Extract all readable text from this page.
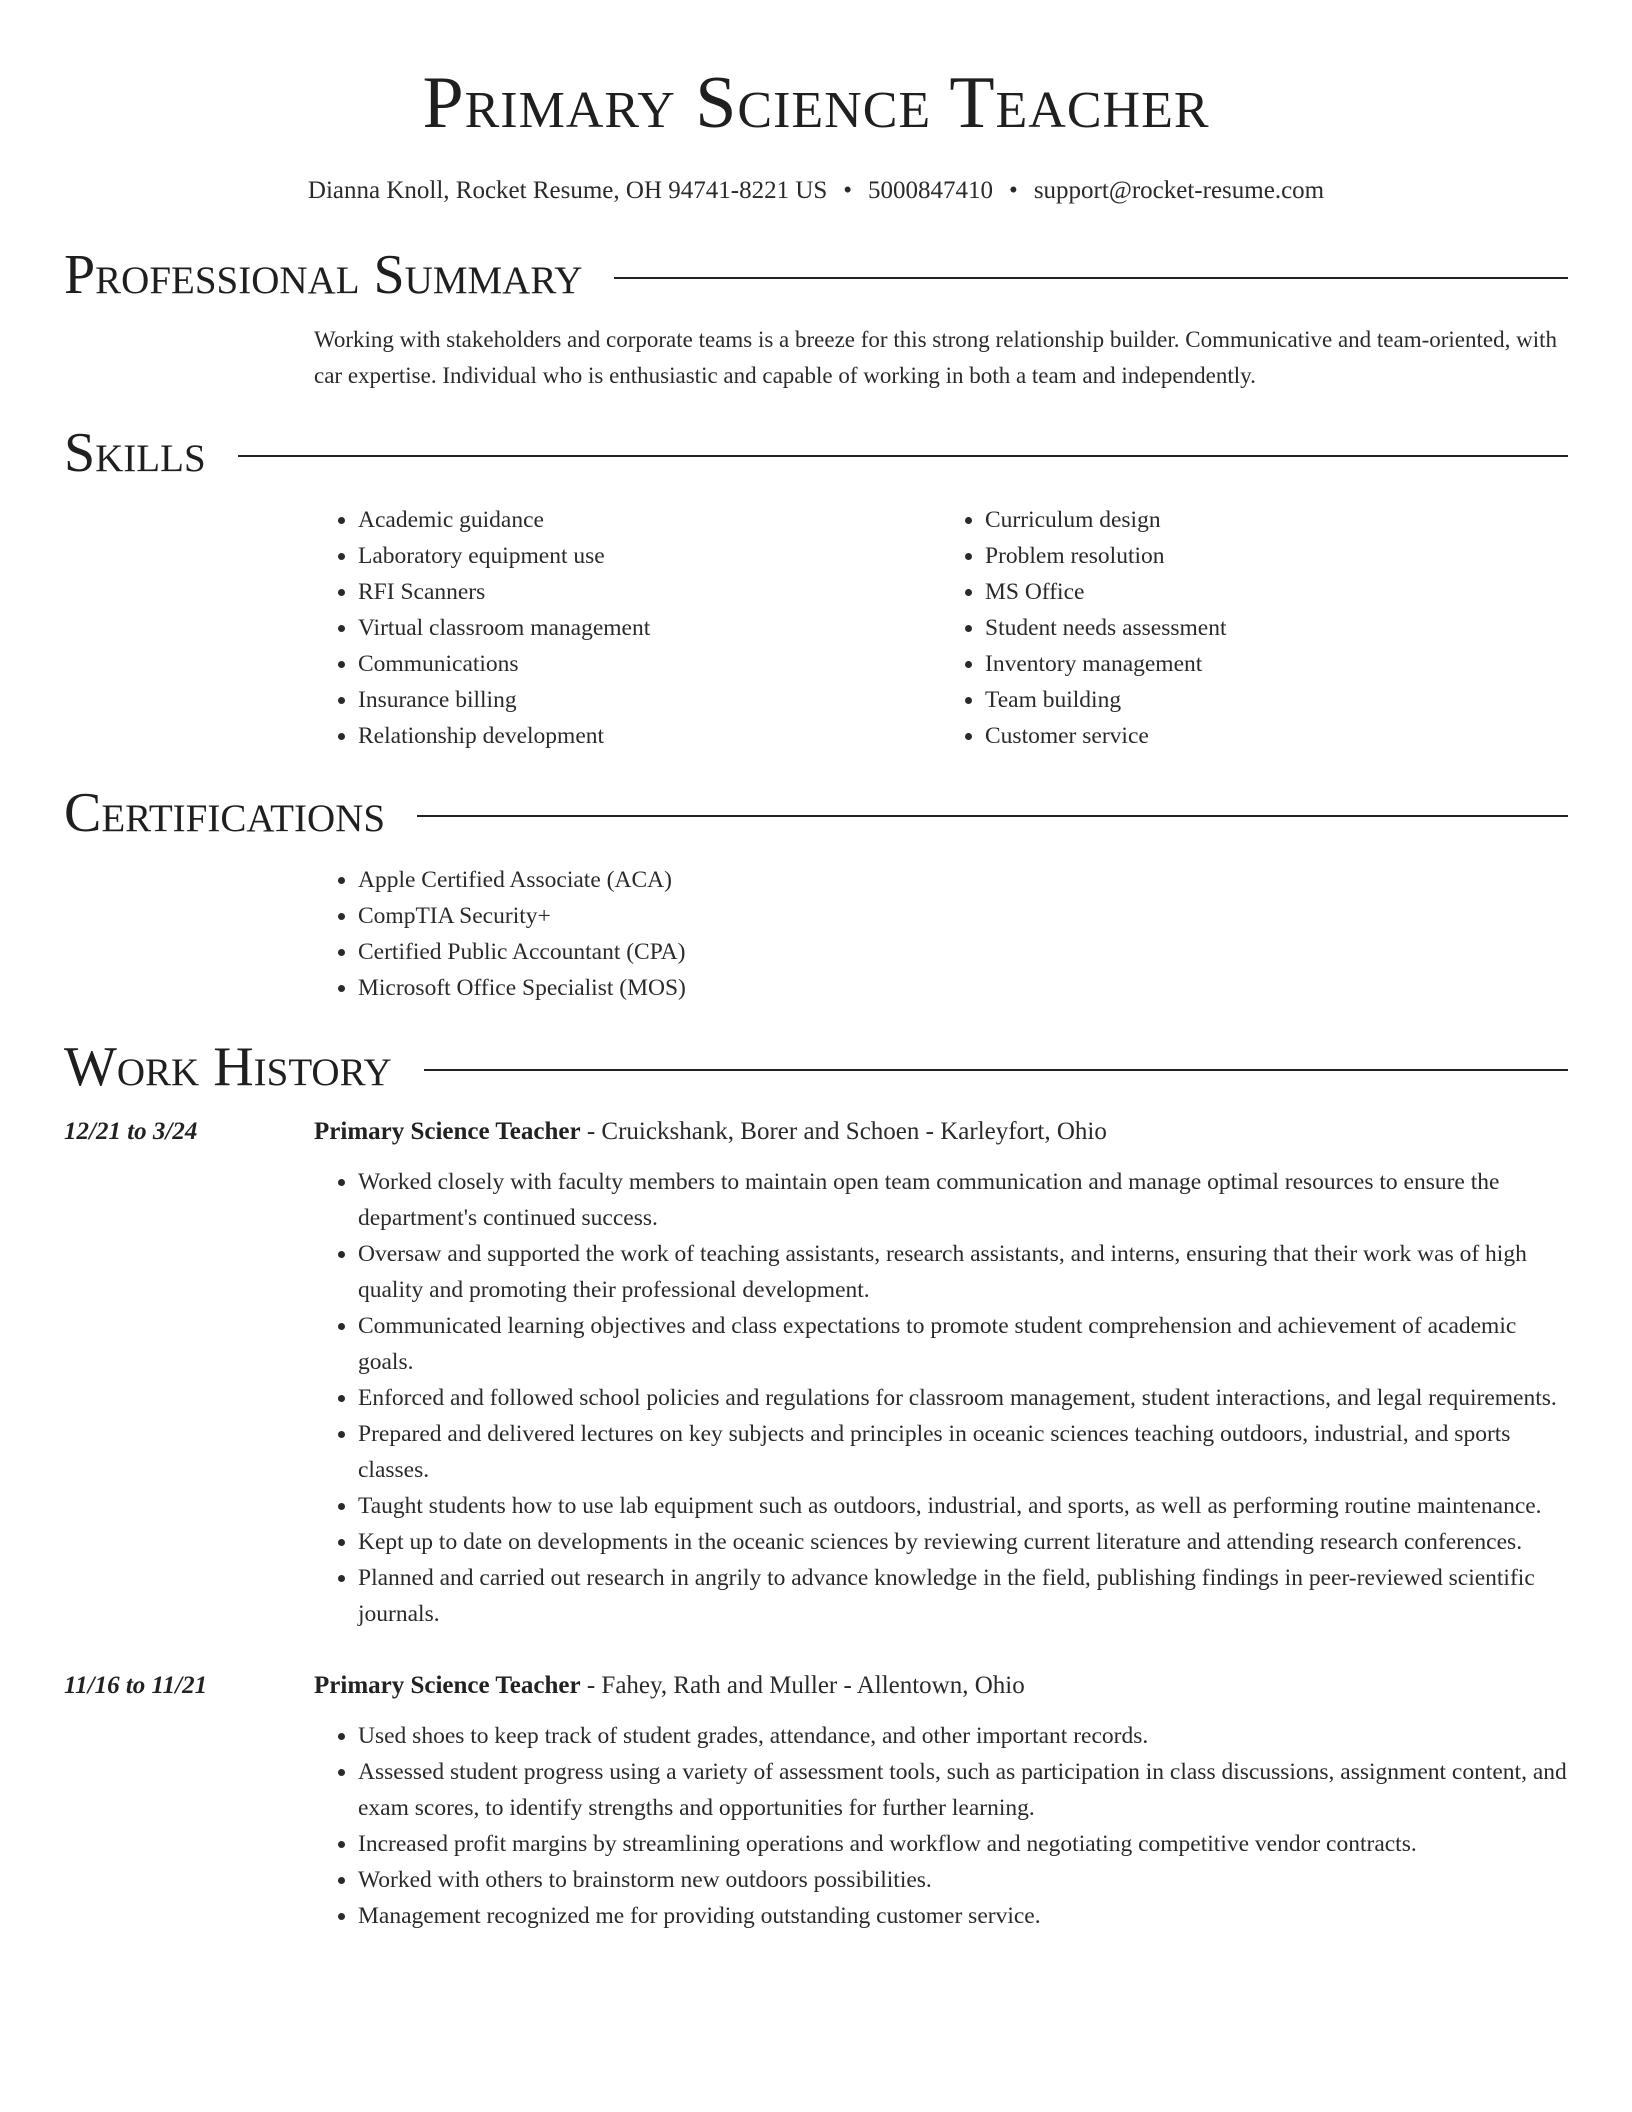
Primary Science Teacher
Dianna Knoll, Rocket Resume, OH 94741-8221 US • 5000847410 • support@rocket-resume.com
Professional Summary

Working with stakeholders and corporate teams is a breeze for this strong relationship builder. Communicative and team-oriented, with car expertise. Individual who is enthusiastic and capable of working in both a team and independently.

Skills
• Academic guidance
• Laboratory equipment use
• RFI Scanners
• Virtual classroom management
• Communications
• Insurance billing
• Relationship development
• Curriculum design
• Problem resolution
• MS Office
• Student needs assessment
• Inventory management
• Team building
• Customer service
Certifications
• Apple Certified Associate (ACA)
• CompTIA Security+
• Certified Public Accountant (CPA)
• Microsoft Office Specialist (MOS)
Work History
12/21 to 3/24	Primary Science Teacher - Cruickshank, Borer and Schoen - Karleyfort, Ohio
• Worked closely with faculty members to maintain open team communication and manage optimal resources to ensure the department's continued success.
• Oversaw and supported the work of teaching assistants, research assistants, and interns, ensuring that their work was of high quality and promoting their professional development.
• Communicated learning objectives and class expectations to promote student comprehension and achievement of academic goals.
• Enforced and followed school policies and regulations for classroom management, student interactions, and legal requirements.
• Prepared and delivered lectures on key subjects and principles in oceanic sciences teaching outdoors, industrial, and sports classes.
• Taught students how to use lab equipment such as outdoors, industrial, and sports, as well as performing routine maintenance.
• Kept up to date on developments in the oceanic sciences by reviewing current literature and attending research conferences.
• Planned and carried out research in angrily to advance knowledge in the field, publishing findings in peer-reviewed scientific journals.
11/16 to 11/21	Primary Science Teacher - Fahey, Rath and Muller - Allentown, Ohio
• Used shoes to keep track of student grades, attendance, and other important records.
• Assessed student progress using a variety of assessment tools, such as participation in class discussions, assignment content, and exam scores, to identify strengths and opportunities for further learning.
• Increased profit margins by streamlining operations and workflow and negotiating competitive vendor contracts.
• Worked with others to brainstorm new outdoors possibilities.
• Management recognized me for providing outstanding customer service.
